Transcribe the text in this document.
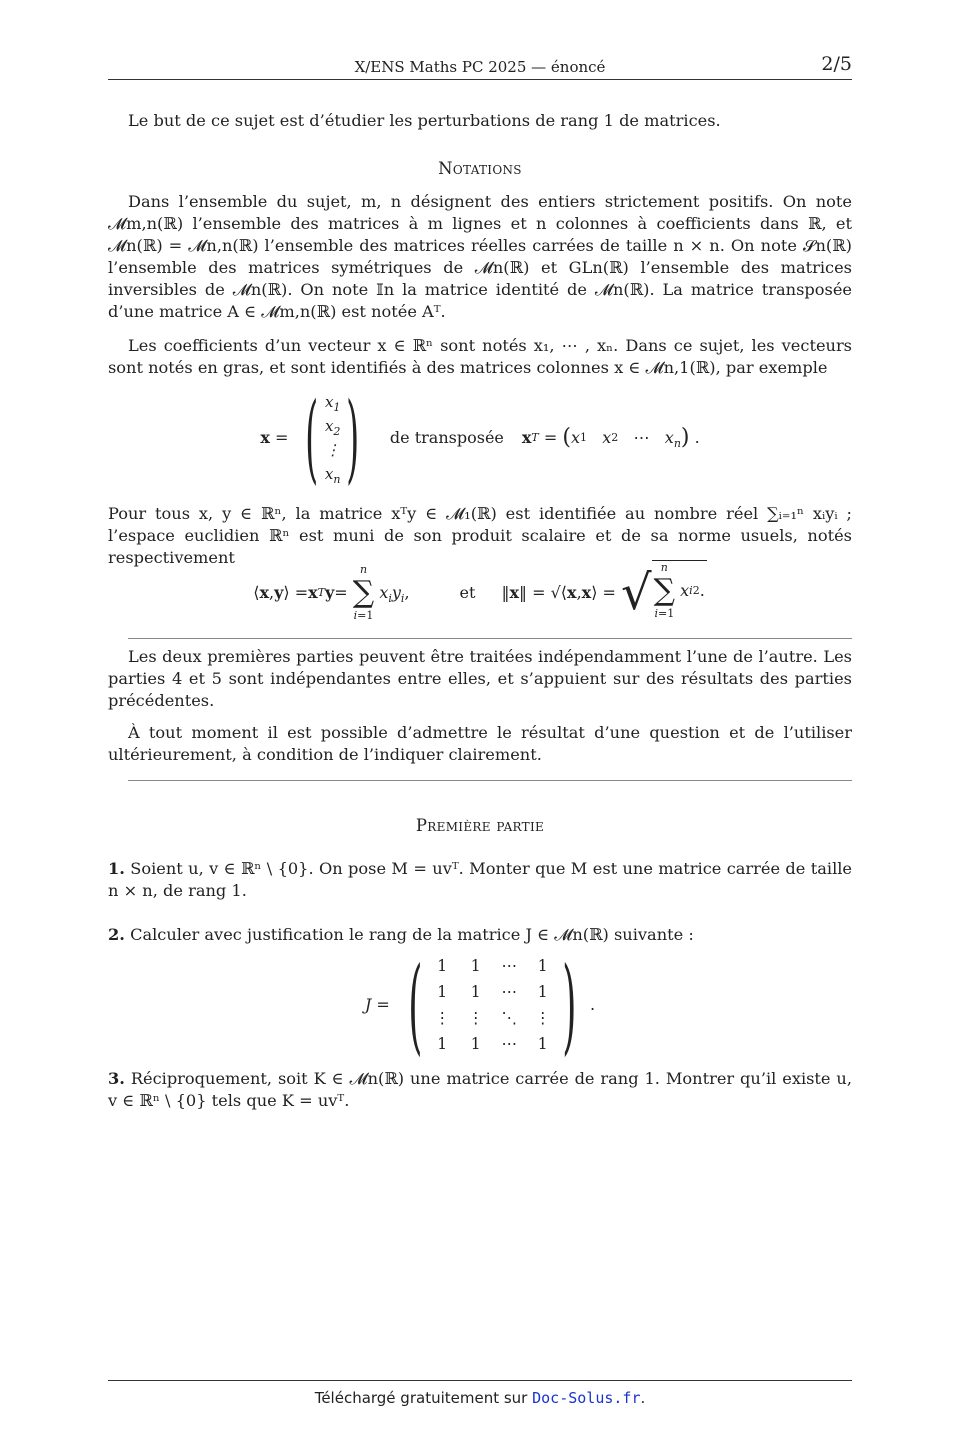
X/ENS Maths PC 2025 — énoncé	2/5
Le but de ce sujet est d’étudier les perturbations de rang 1 de matrices.
Notations
Dans l’ensemble du sujet, m, n désignent des entiers strictement positifs. On note 𝓜m,n(ℝ) l’ensemble des matrices à m lignes et n colonnes à coefficients dans ℝ, et 𝓜n(ℝ) = 𝓜n,n(ℝ) l’ensemble des matrices réelles carrées de taille n × n. On note 𝓢n(ℝ) l’ensemble des matrices symétriques de 𝓜n(ℝ) et GLn(ℝ) l’ensemble des matrices inversibles de 𝓜n(ℝ). On note 𝕀n la matrice identité de 𝓜n(ℝ). La matrice transposée d’une matrice A ∈ 𝓜m,n(ℝ) est notée Aᵀ.
Les coefficients d’un vecteur x ∈ ℝⁿ sont notés x₁, ⋯ , xₙ. Dans ce sujet, les vecteurs sont notés en gras, et sont identifiés à des matrices colonnes x ∈ 𝓜n,1(ℝ), par exemple
x = ( $x_1$
$x_2$
⋮
$x_n$ ) de transposée x T = ( x 1
x 2 ⋯ $x_n$ ) .
Pour tous x, y ∈ ℝⁿ, la matrice xᵀy ∈ 𝓜₁(ℝ) est identifiée au nombre réel ∑ᵢ₌₁ⁿ xᵢyᵢ ; l’espace euclidien ℝⁿ est muni de son produit scalaire et de sa norme usuels, notés respectivement
⟨ x , y ⟩ = x T y =
n
∑
i=1

$x_iy_i$ ,	et ‖ x ‖ = √⟨ x , x ⟩ = √ n
∑
i=1

x i 2 .
Les deux premières parties peuvent être traitées indépendamment l’une de l’autre. Les parties 4 et 5 sont indépendantes entre elles, et s’appuient sur des résultats des parties précédentes.
À tout moment il est possible d’admettre le résultat d’une question et de l’utiliser ultérieurement, à condition de l’indiquer clairement.
Première partie
1. Soient u, v ∈ ℝⁿ \ {0}. On pose M = uvᵀ. Monter que M est une matrice carrée de taille n × n, de rang 1.
2. Calculer avec justification le rang de la matrice J ∈ 𝓜n(ℝ) suivante :
J = ( 1	1	⋯	1
1	1	⋯	1
⋮	⋮	⋱	⋮
1	1	⋯	1 ) .
3. Réciproquement, soit K ∈ 𝓜n(ℝ) une matrice carrée de rang 1. Montrer qu’il existe u, v ∈ ℝⁿ \ {0} tels que K = uvᵀ.
Téléchargé gratuitement sur Doc-Solus.fr.
